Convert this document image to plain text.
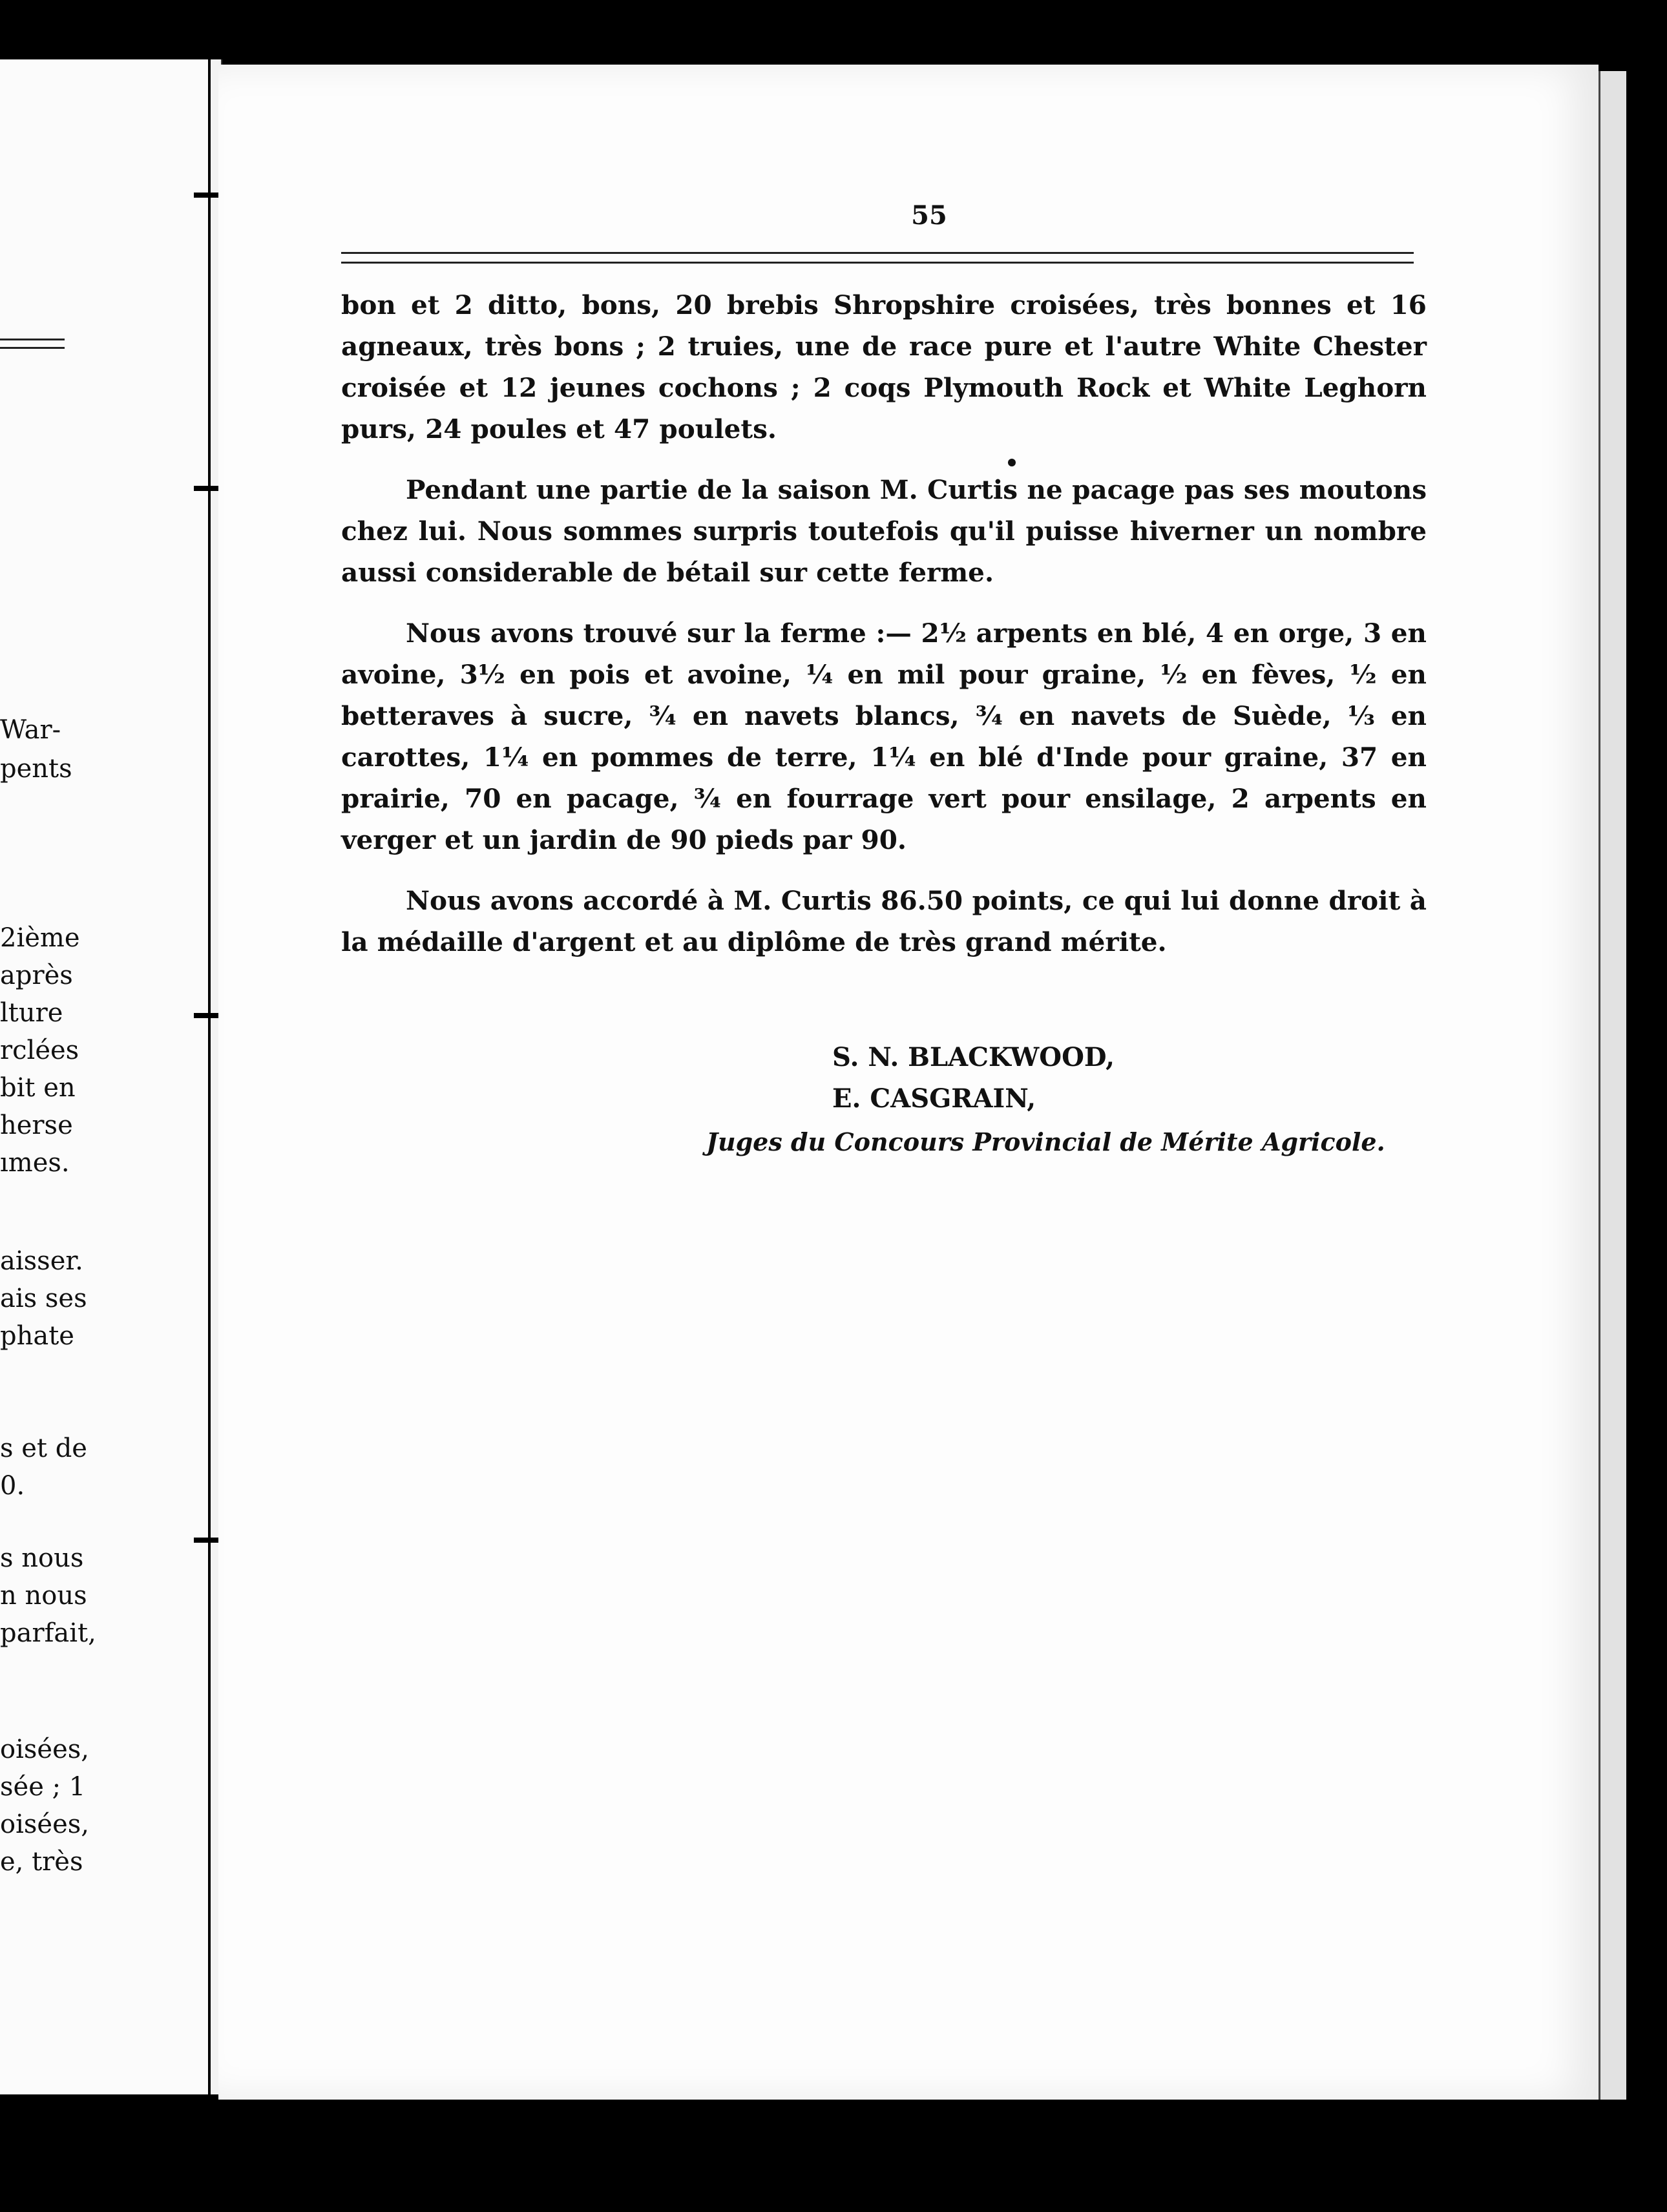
War-
pents
2ième
après
lture
rclées
bit en
herse
ımes.
aisser.
ais ses
phate
s et de
0.
s nous
n nous
parfait,
oisées,
sée ; 1
oisées,
e, très
55

bon et 2 ditto, bons, 20 brebis Shropshire croisées, très bonnes et 16 agneaux, très bons ; 2 truies, une de race pure et l'autre White Chester croisée et 12 jeunes cochons ; 2 coqs Plymouth Rock et White Leghorn purs, 24 poules et 47 poulets.

Pendant une partie de la saison M. Curtis ne pacage pas ses moutons chez lui. Nous sommes surpris toutefois qu'il puisse hiverner un nombre aussi considerable de bétail sur cette ferme.

Nous avons trouvé sur la ferme :— 2½ arpents en blé, 4 en orge, 3 en avoine, 3½ en pois et avoine, ¼ en mil pour graine, ½ en fèves, ½ en betteraves à sucre, ¾ en navets blancs, ¾ en navets de Suède, ⅓ en carottes, 1¼ en pommes de terre, 1¼ en blé d'Inde pour graine, 37 en prairie, 70 en pacage, ¾ en fourrage vert pour ensilage, 2 arpents en verger et un jardin de 90 pieds par 90.

Nous avons accordé à M. Curtis 86.50 points, ce qui lui donne droit à la médaille d'argent et au diplôme de très grand mérite.

S. N. BLACKWOOD,
E. CASGRAIN,
Juges du Concours Provincial de Mérite Agricole.
